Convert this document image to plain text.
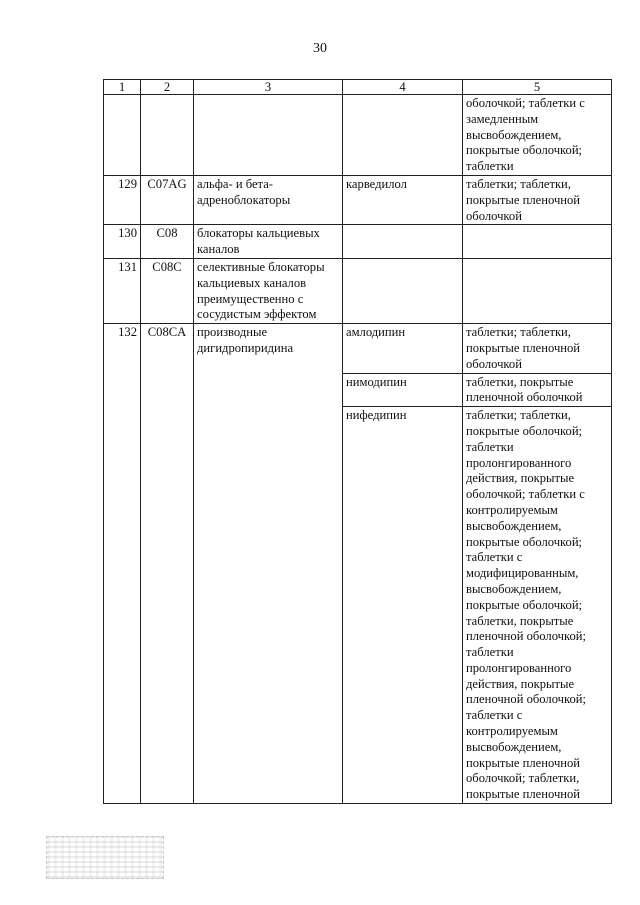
30
1	2	3	4	5
				оболочкой; таблетки с замедленным высвобождением, покрытые оболочкой; таблетки
129	C07AG	альфа- и бета-адреноблокаторы	карведилол	таблетки; таблетки, покрытые пленочной оболочкой
130	C08	блокаторы кальциевых каналов		
131	C08C	селективные блокаторы кальциевых каналов преимущественно с сосудистым эффектом		
132	C08CA	производные дигидропиридина	амлодипин	таблетки; таблетки, покрытые пленочной оболочкой
			нимодипин	таблетки, покрытые пленочной оболочкой
			нифедипин	таблетки; таблетки, покрытые оболочкой; таблетки пролонгированного действия, покрытые оболочкой; таблетки с контролируемым высвобождением, покрытые оболочкой; таблетки с модифицированным, высвобождением, покрытые оболочкой; таблетки, покрытые пленочной оболочкой; таблетки пролонгированного действия, покрытые пленочной оболочкой; таблетки с контролируемым высвобождением, покрытые пленочной оболочкой; таблетки, покрытые пленочной
